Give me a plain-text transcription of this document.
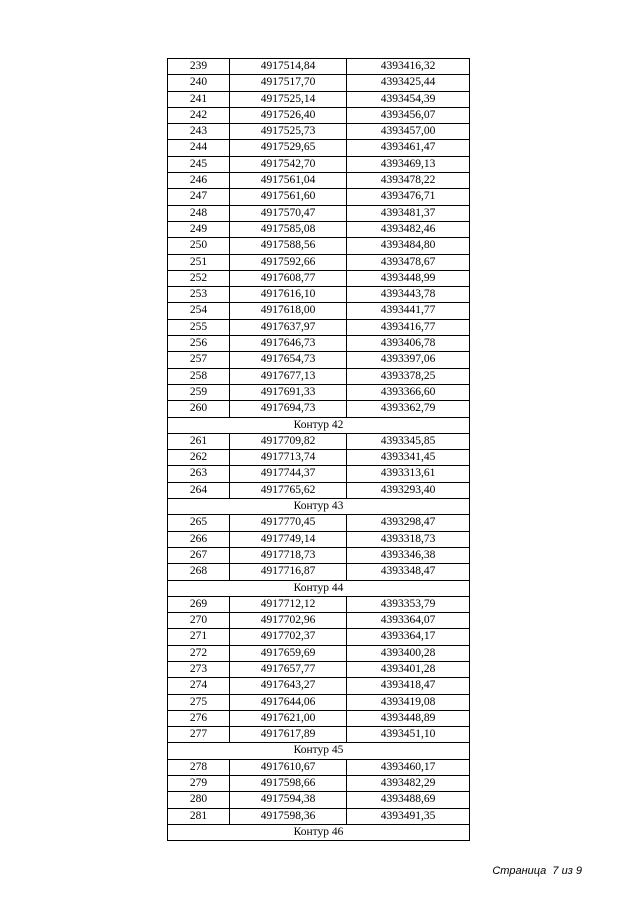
239	4917514,84	4393416,32
240	4917517,70	4393425,44
241	4917525,14	4393454,39
242	4917526,40	4393456,07
243	4917525,73	4393457,00
244	4917529,65	4393461,47
245	4917542,70	4393469,13
246	4917561,04	4393478,22
247	4917561,60	4393476,71
248	4917570,47	4393481,37
249	4917585,08	4393482,46
250	4917588,56	4393484,80
251	4917592,66	4393478,67
252	4917608,77	4393448,99
253	4917616,10	4393443,78
254	4917618,00	4393441,77
255	4917637,97	4393416,77
256	4917646,73	4393406,78
257	4917654,73	4393397,06
258	4917677,13	4393378,25
259	4917691,33	4393366,60
260	4917694,73	4393362,79
Контур 42		
261	4917709,82	4393345,85
262	4917713,74	4393341,45
263	4917744,37	4393313,61
264	4917765,62	4393293,40
Контур 43		
265	4917770,45	4393298,47
266	4917749,14	4393318,73
267	4917718,73	4393346,38
268	4917716,87	4393348,47
Контур 44		
269	4917712,12	4393353,79
270	4917702,96	4393364,07
271	4917702,37	4393364,17
272	4917659,69	4393400,28
273	4917657,77	4393401,28
274	4917643,27	4393418,47
275	4917644,06	4393419,08
276	4917621,00	4393448,89
277	4917617,89	4393451,10
Контур 45		
278	4917610,67	4393460,17
279	4917598,66	4393482,29
280	4917594,38	4393488,69
281	4917598,36	4393491,35
Контур 46		
Страница 7 из 9
